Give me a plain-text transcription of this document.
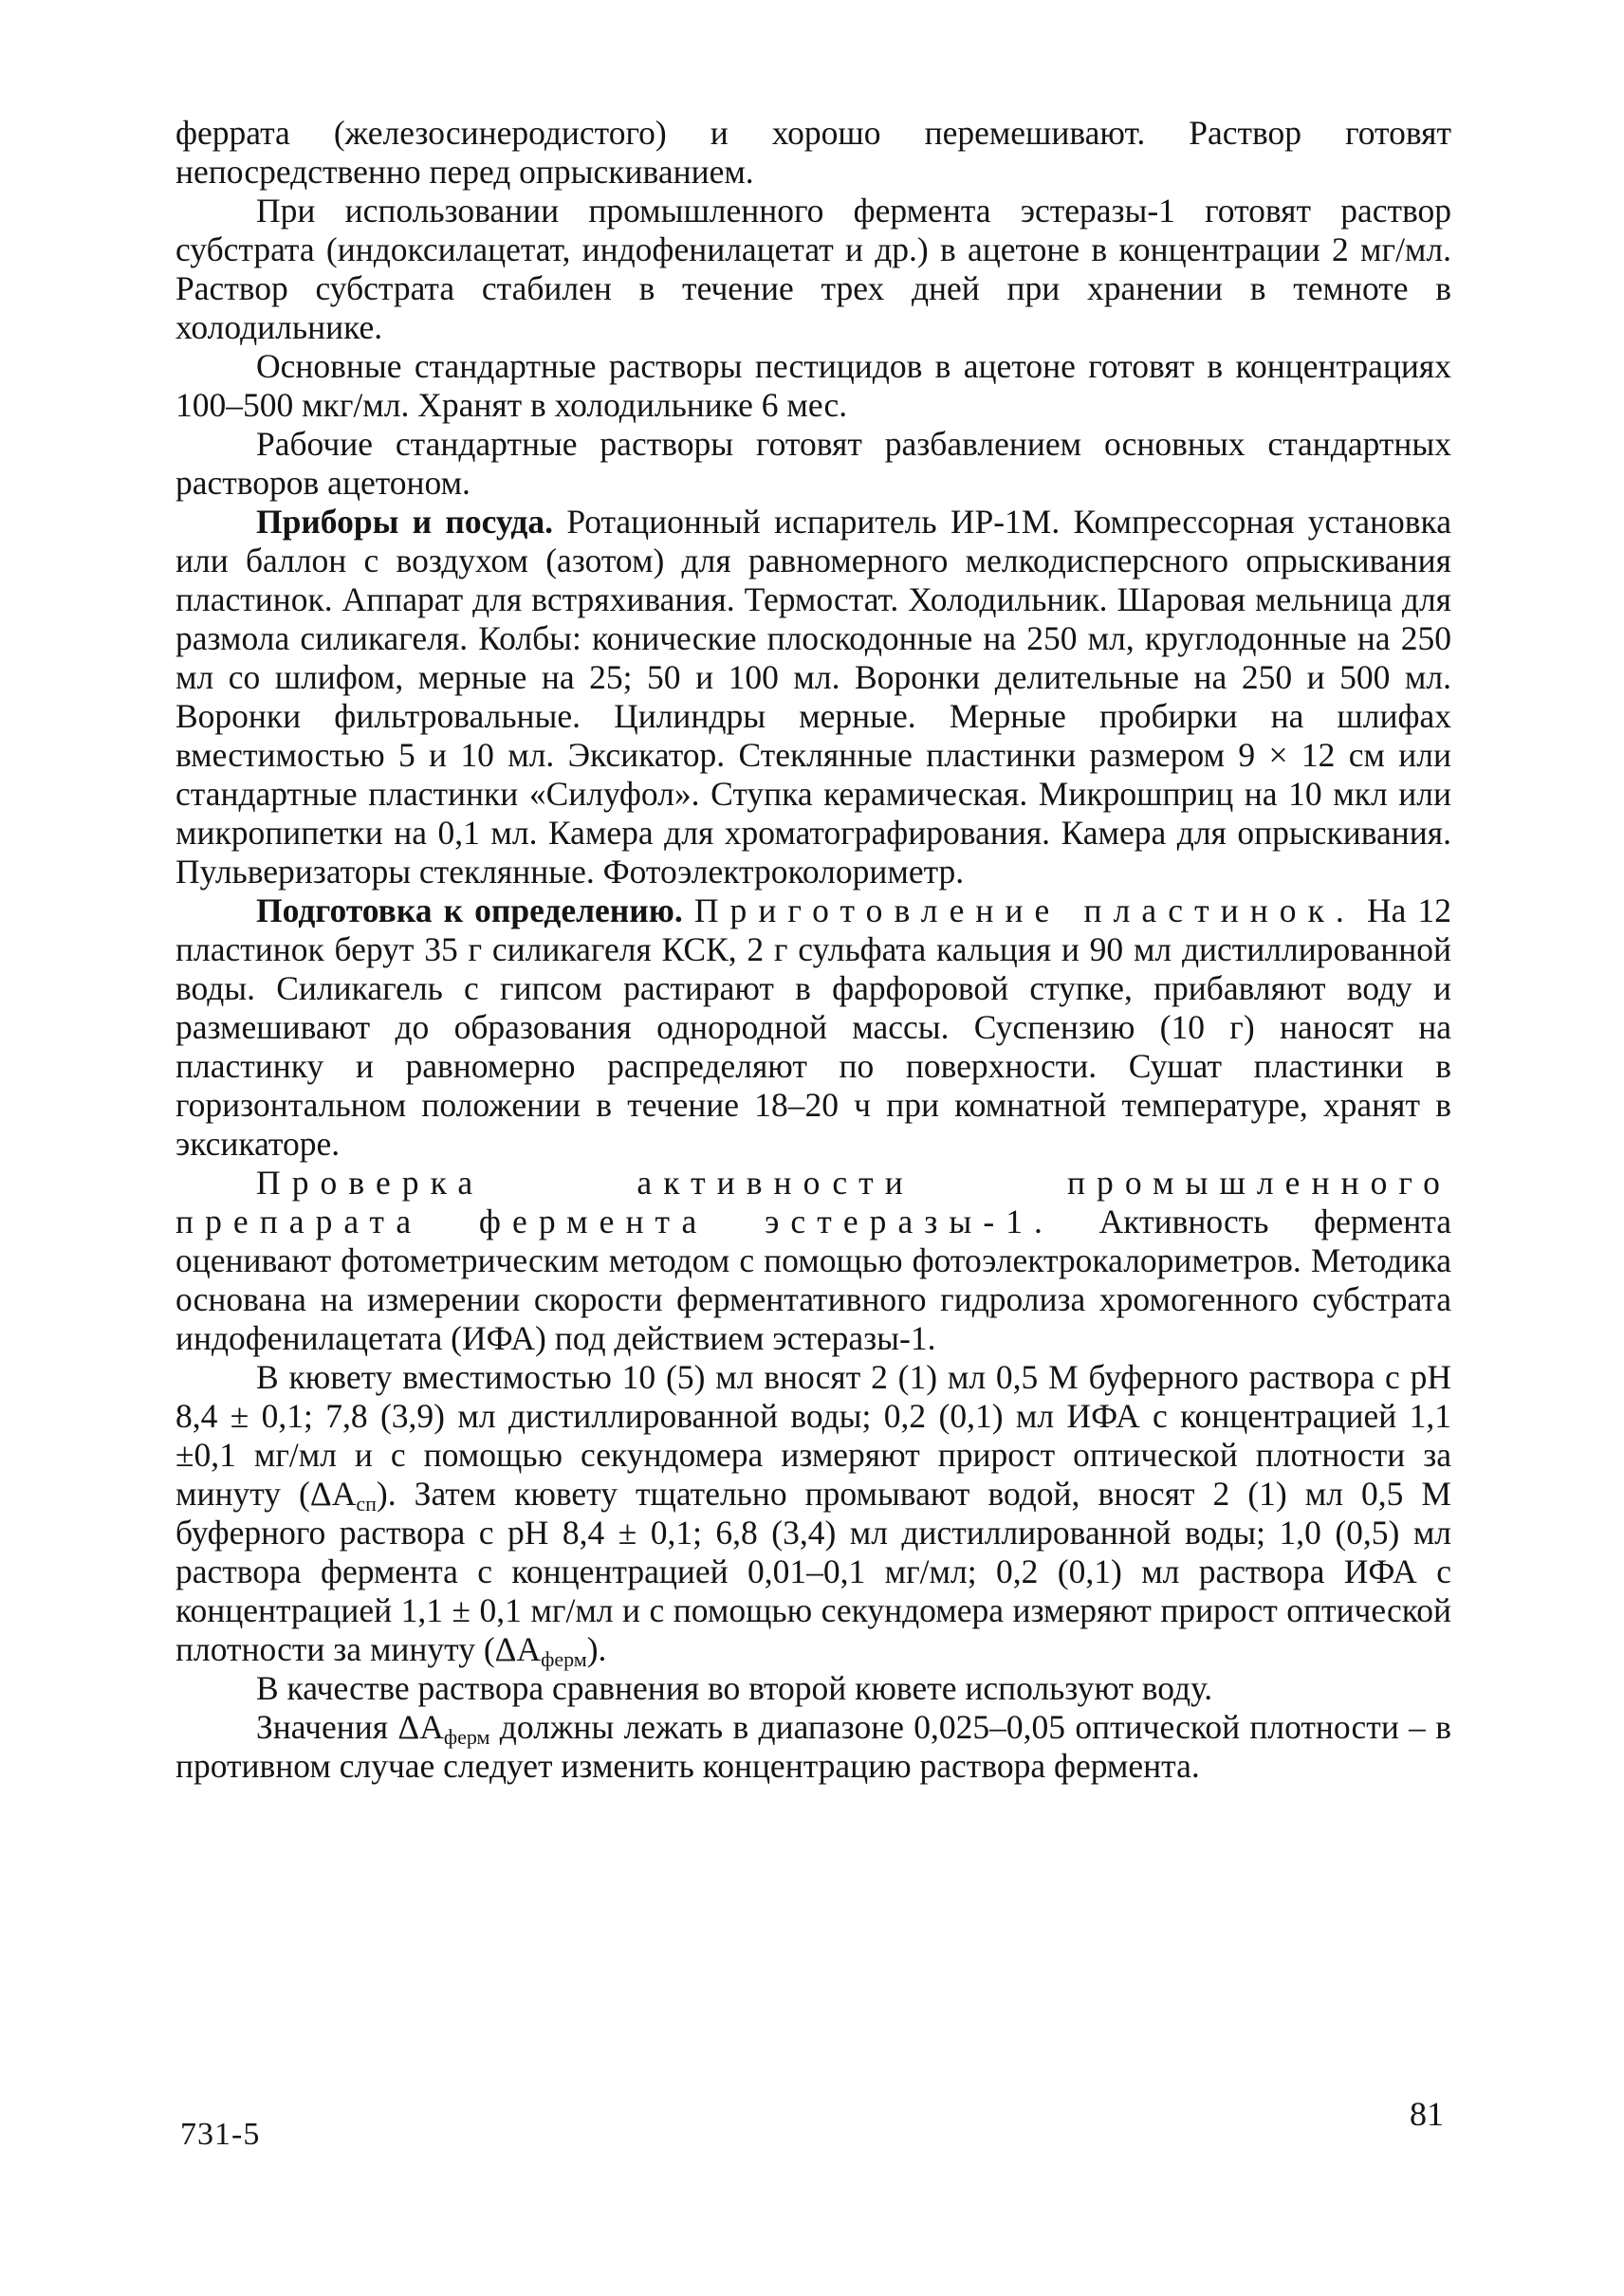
феррата (железосинеродистого) и хорошо перемешивают. Раствор готовят непосредственно перед опрыскиванием.

При использовании промышленного фермента эстеразы-1 готовят раствор субстрата (индоксилацетат, индофенилацетат и др.) в ацетоне в концентрации 2 мг/мл. Раствор субстрата стабилен в течение трех дней при хранении в темноте в холодильнике.

Основные стандартные растворы пестицидов в ацетоне готовят в концентрациях 100–500 мкг/мл. Хранят в холодильнике 6 мес.

Рабочие стандартные растворы готовят разбавлением основных стандартных растворов ацетоном.

Приборы и посуда. Ротационный испаритель ИР-1М. Компрессорная установка или баллон с воздухом (азотом) для равномерного мелкодисперсного опрыскивания пластинок. Аппарат для встряхивания. Термостат. Холодильник. Шаровая мельница для размола силикагеля. Колбы: конические плоскодонные на 250 мл, круглодонные на 250 мл со шлифом, мерные на 25; 50 и 100 мл. Воронки делительные на 250 и 500 мл. Воронки фильтровальные. Цилиндры мерные. Мерные пробирки на шлифах вместимостью 5 и 10 мл. Эксикатор. Стеклянные пластинки размером 9 × 12 см или стандартные пластинки «Силуфол». Ступка керамическая. Микрошприц на 10 мкл или микропипетки на 0,1 мл. Камера для хроматографирования. Камера для опрыскивания. Пульверизаторы стеклянные. Фотоэлектроколориметр.

Подготовка к определению. Приготовление пластинок. На 12 пластинок берут 35 г силикагеля КСК, 2 г сульфата кальция и 90 мл дистиллированной воды. Силикагель с гипсом растирают в фарфоровой ступке, прибавляют воду и размешивают до образования однородной массы. Суспензию (10 г) наносят на пластинку и равномерно распределяют по поверхности. Сушат пластинки в горизонтальном положении в течение 18–20 ч при комнатной температуре, хранят в эксикаторе.

Проверка активности промышленного препарата фермента эстеразы-1. Активность фермента оценивают фотометрическим методом с помощью фотоэлектрокалориметров. Методика основана на измерении скорости ферментативного гидролиза хромогенного субстрата индофенилацетата (ИФА) под действием эстеразы-1.

В кювету вместимостью 10 (5) мл вносят 2 (1) мл 0,5 М буферного раствора с pH 8,4 ± 0,1; 7,8 (3,9) мл дистиллированной воды; 0,2 (0,1) мл ИФА с концентрацией 1,1 ±0,1 мг/мл и с помощью секундомера измеряют прирост оптической плотности за минуту $(\Delta A_{сп})$. Затем кювету тщательно промывают водой, вносят 2 (1) мл 0,5 М буферного раствора с pH 8,4 ± 0,1; 6,8 (3,4) мл дистиллированной воды; 1,0 (0,5) мл раствора фермента с концентрацией 0,01–0,1 мг/мл; 0,2 (0,1) мл раствора ИФА с концентрацией 1,1 ± 0,1 мг/мл и с помощью секундомера измеряют прирост оптической плотности за минуту $(\Delta A_{ферм})$.

В качестве раствора сравнения во второй кювете используют воду.

Значения $\Delta A_{ферм}$ должны лежать в диапазоне 0,025–0,05 оптической плотности – в противном случае следует изменить концентрацию раствора фермента.

731-5
81
